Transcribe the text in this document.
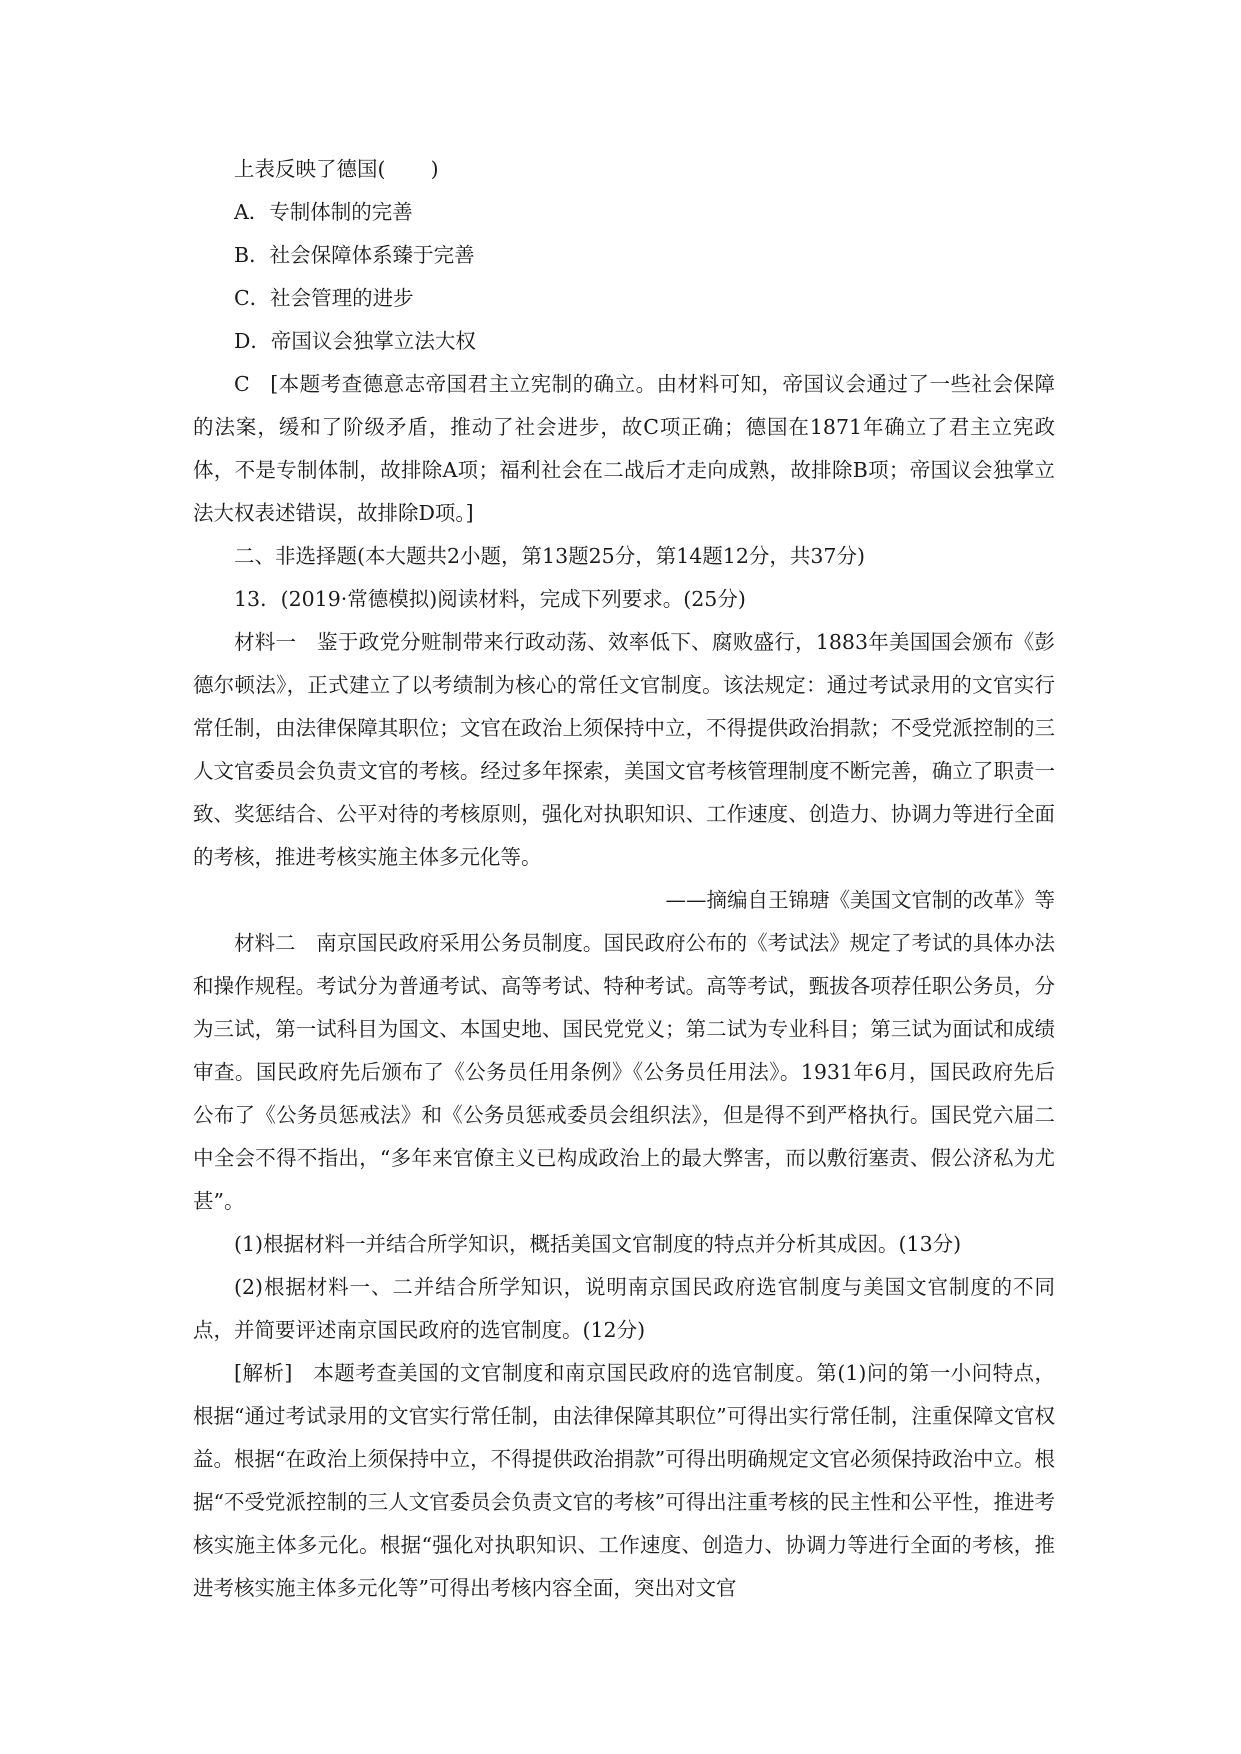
上表反映了德国( )

A．专制体制的完善

B．社会保障体系臻于完善

C．社会管理的进步

D．帝国议会独掌立法大权

C [本题考查德意志帝国君主立宪制的确立。由材料可知，帝国议会通过了一些社会保障的法案，缓和了阶级矛盾，推动了社会进步，故C项正确；德国在1871年确立了君主立宪政体，不是专制体制，故排除A项；福利社会在二战后才走向成熟，故排除B项；帝国议会独掌立法大权表述错误，故排除D项。]

二、非选择题(本大题共2小题，第13题25分，第14题12分，共37分)

13．(2019·常德模拟)阅读材料，完成下列要求。(25分)

材料一 鉴于政党分赃制带来行政动荡、效率低下、腐败盛行，1883年美国国会颁布《彭德尔顿法》，正式建立了以考绩制为核心的常任文官制度。该法规定：通过考试录用的文官实行常任制，由法律保障其职位；文官在政治上须保持中立，不得提供政治捐款；不受党派控制的三人文官委员会负责文官的考核。经过多年探索，美国文官考核管理制度不断完善，确立了职责一致、奖惩结合、公平对待的考核原则，强化对执职知识、工作速度、创造力、协调力等进行全面的考核，推进考核实施主体多元化等。

——摘编自王锦瑭《美国文官制的改革》等

材料二 南京国民政府采用公务员制度。国民政府公布的《考试法》规定了考试的具体办法和操作规程。考试分为普通考试、高等考试、特种考试。高等考试，甄拔各项荐任职公务员，分为三试，第一试科目为国文、本国史地、国民党党义；第二试为专业科目；第三试为面试和成绩审查。国民政府先后颁布了《公务员任用条例》《公务员任用法》。1931年6月，国民政府先后公布了《公务员惩戒法》和《公务员惩戒委员会组织法》，但是得不到严格执行。国民党六届二中全会不得不指出，“多年来官僚主义已构成政治上的最大弊害，而以敷衍塞责、假公济私为尤甚”。

(1)根据材料一并结合所学知识，概括美国文官制度的特点并分析其成因。(13分)

(2)根据材料一、二并结合所学知识，说明南京国民政府选官制度与美国文官制度的不同点，并简要评述南京国民政府的选官制度。(12分)

[解析] 本题考查美国的文官制度和南京国民政府的选官制度。第(1)问的第一小问特点，根据“通过考试录用的文官实行常任制，由法律保障其职位”可得出实行常任制，注重保障文官权益。根据“在政治上须保持中立，不得提供政治捐款”可得出明确规定文官必须保持政治中立。根据“不受党派控制的三人文官委员会负责文官的考核”可得出注重考核的民主性和公平性，推进考核实施主体多元化。根据“强化对执职知识、工作速度、创造力、协调力等进行全面的考核，推进考核实施主体多元化等”可得出考核内容全面，突出对文官
